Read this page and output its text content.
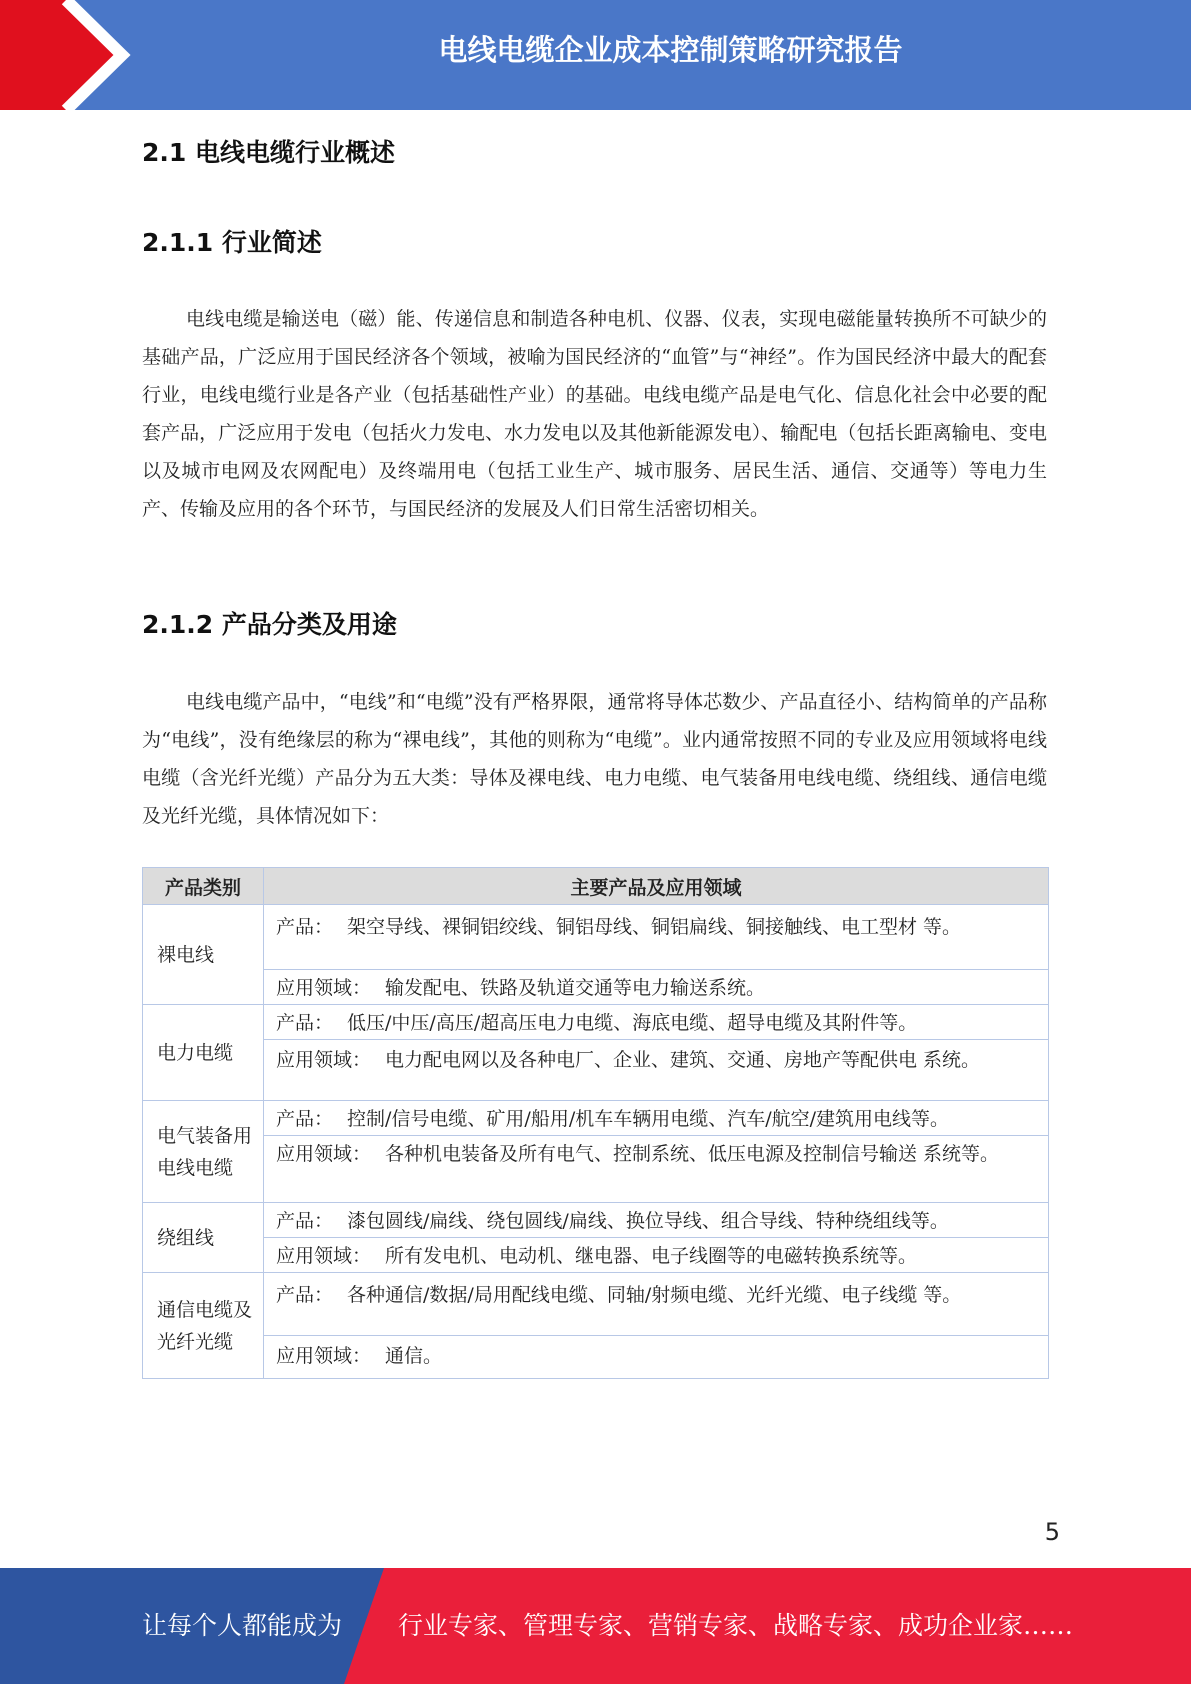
电线电缆企业成本控制策略研究报告
2.1 电线电缆行业概述
2.1.1 行业简述
电线电缆是输送电（磁）能、传递信息和制造各种电机、仪器、仪表，实现电磁能量转换所不可缺少的基础产品，广泛应用于国民经济各个领域，被喻为国民经济的“血管”与“神经”。作为国民经济中最大的配套行业，电线电缆行业是各产业（包括基础性产业）的基础。电线电缆产品是电气化、信息化社会中必要的配套产品，广泛应用于发电（包括火力发电、水力发电以及其他新能源发电）、输配电（包括长距离输电、变电以及城市电网及农网配电）及终端用电（包括工业生产、城市服务、居民生活、通信、交通等）等电力生产、传输及应用的各个环节，与国民经济的发展及人们日常生活密切相关。
2.1.2 产品分类及用途
电线电缆产品中，“电线”和“电缆”没有严格界限，通常将导体芯数少、产品直径小、结构简单的产品称为“电线”，没有绝缘层的称为“裸电线”，其他的则称为“电缆”。业内通常按照不同的专业及应用领域将电线电缆（含光纤光缆）产品分为五大类：导体及裸电线、电力电缆、电气装备用电线电缆、绕组线、通信电缆及光纤光缆，具体情况如下：
产品类别	主要产品及应用领域
裸电线	产品： 架空导线、裸铜铝绞线、铜铝母线、铜铝扁线、铜接触线、电工型材 等。
	应用领域： 输发配电、铁路及轨道交通等电力输送系统。
电力电缆	产品： 低压/中压/高压/超高压电力电缆、海底电缆、超导电缆及其附件等。
	应用领域： 电力配电网以及各种电厂、企业、建筑、交通、房地产等配供电 系统。
电气装备用电线电缆	产品： 控制/信号电缆、矿用/船用/机车车辆用电缆、汽车/航空/建筑用电线等。
	应用领域： 各种机电装备及所有电气、控制系统、低压电源及控制信号输送 系统等。
绕组线	产品： 漆包圆线/扁线、绕包圆线/扁线、换位导线、组合导线、特种绕组线等。
	应用领域： 所有发电机、电动机、继电器、电子线圈等的电磁转换系统等。
通信电缆及光纤光缆	产品： 各种通信/数据/局用配线电缆、同轴/射频电缆、光纤光缆、电子线缆 等。
	应用领域： 通信。
5
让每个人都能成为 行业专家、管理专家、营销专家、战略专家、成功企业家……
